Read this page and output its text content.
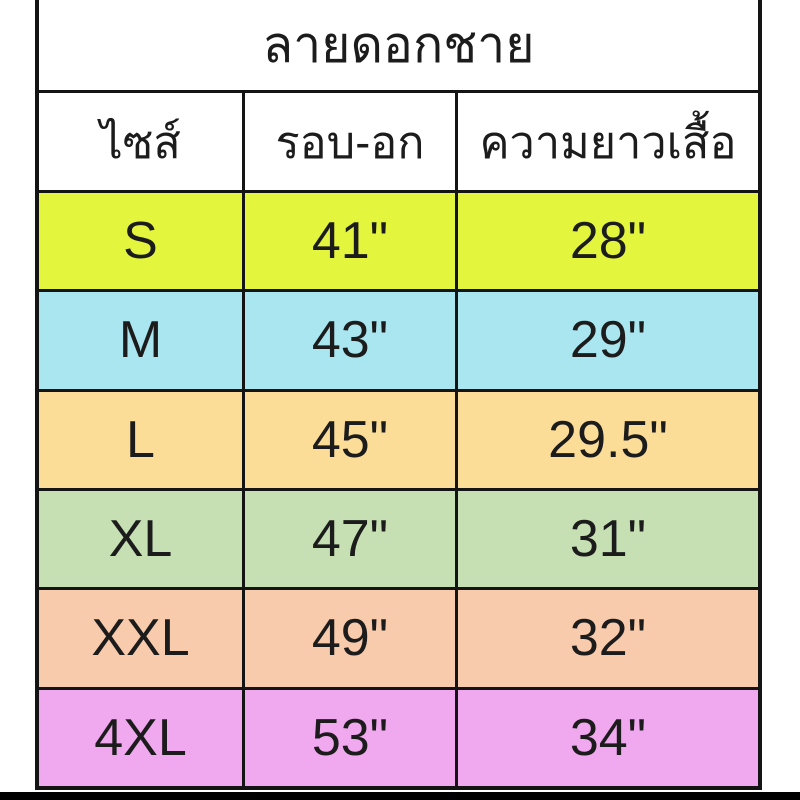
ลายดอกชาย
ไซส์	รอบ-อก	ความยาวเสื้อ
S	41"	28"
M	43"	29"
L	45"	29.5"
XL	47"	31"
XXL	49"	32"
4XL	53"	34"
